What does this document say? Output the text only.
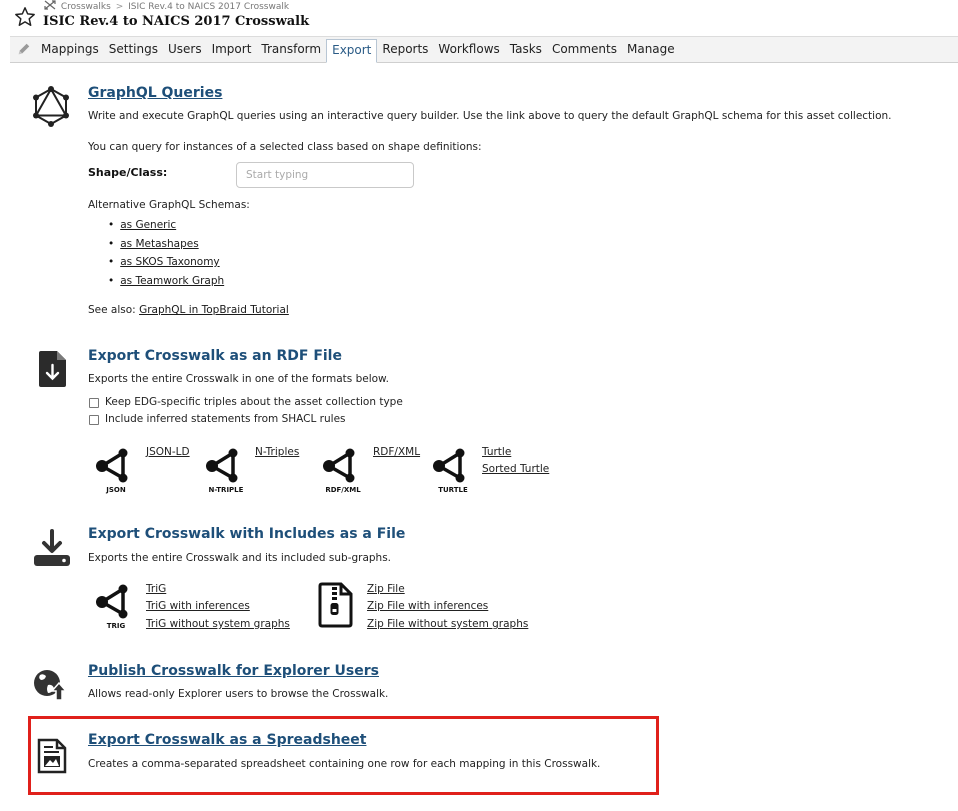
Crosswalks > ISIC Rev.4 to NAICS 2017 Crosswalk
ISIC Rev.4 to NAICS 2017 Crosswalk
Mappings Settings Users Import Transform Export Reports Workflows Tasks Comments Manage
GraphQL Queries
Write and execute GraphQL queries using an interactive query builder. Use the link above to query the default GraphQL schema for this asset collection.
You can query for instances of a selected class based on shape definitions:
Shape/Class:
Start typing
Alternative GraphQL Schemas:
• as Generic
• as Metashapes
• as SKOS Taxonomy
• as Teamwork Graph
See also: GraphQL in TopBraid Tutorial
Export Crosswalk as an RDF File
Exports the entire Crosswalk in one of the formats below.
Keep EDG-specific triples about the asset collection type
Include inferred statements from SHACL rules
JSON
JSON-LD
N-TRIPLE
N-Triples
RDF/XML
RDF/XML
TURTLE
Turtle
Sorted Turtle
Export Crosswalk with Includes as a File
Exports the entire Crosswalk and its included sub-graphs.
TRIG
TriG
TriG with inferences
TriG without system graphs
Zip File
Zip File with inferences
Zip File without system graphs
Publish Crosswalk for Explorer Users
Allows read-only Explorer users to browse the Crosswalk.
Export Crosswalk as a Spreadsheet
Creates a comma-separated spreadsheet containing one row for each mapping in this Crosswalk.
